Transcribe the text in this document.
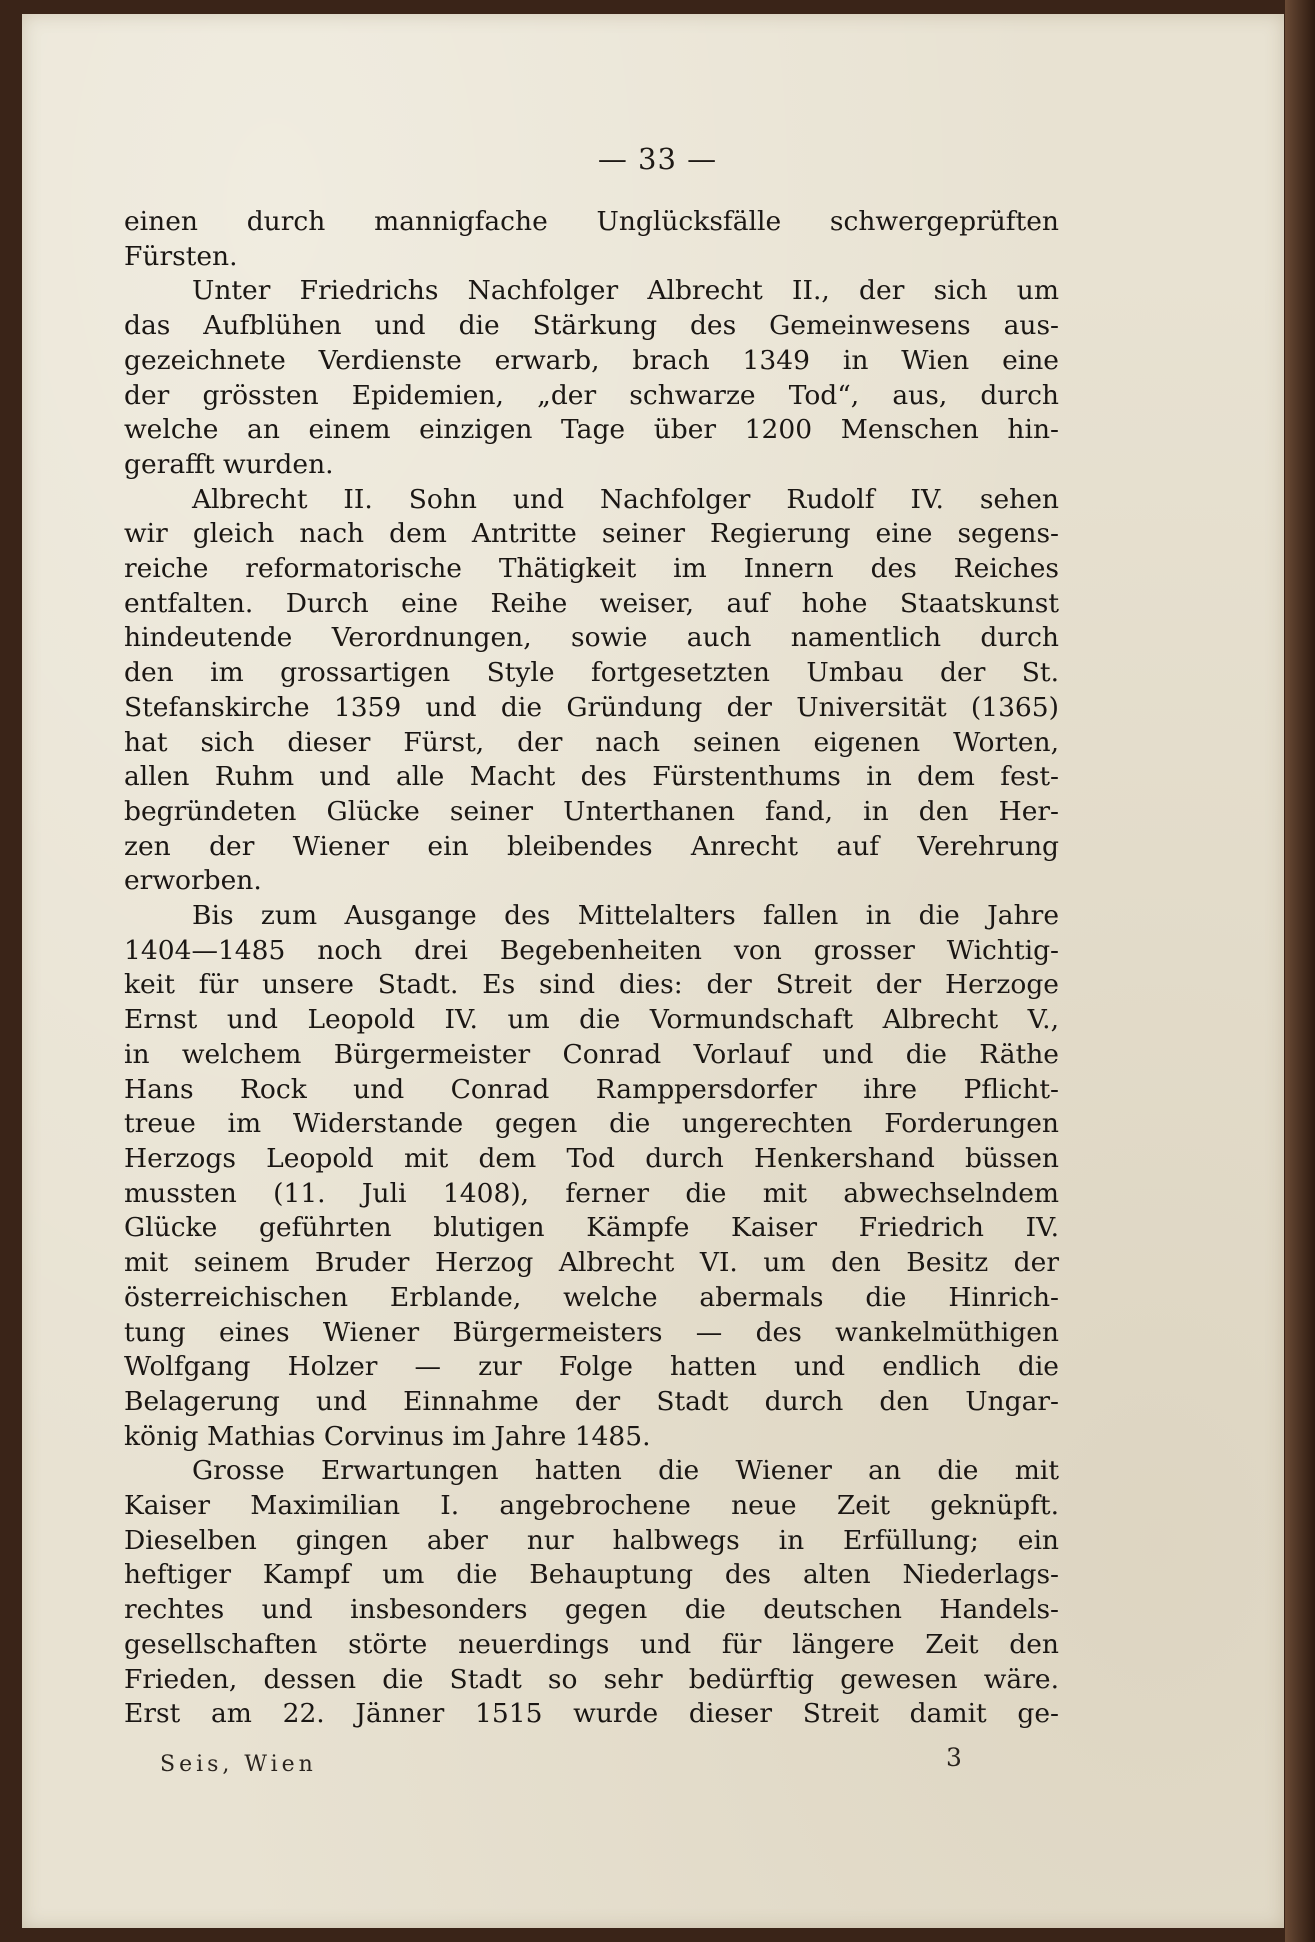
— 33 —
einen durch mannigfache Unglücksfälle schwergeprüften
Fürsten.
Unter Friedrichs Nachfolger Albrecht II., der sich um
das Aufblühen und die Stärkung des Gemeinwesens aus-
gezeichnete Verdienste erwarb, brach 1349 in Wien eine
der grössten Epidemien, „der schwarze Tod“, aus, durch
welche an einem einzigen Tage über 1200 Menschen hin-
gerafft wurden.
Albrecht II. Sohn und Nachfolger Rudolf IV. sehen
wir gleich nach dem Antritte seiner Regierung eine segens-
reiche reformatorische Thätigkeit im Innern des Reiches
entfalten. Durch eine Reihe weiser, auf hohe Staatskunst
hindeutende Verordnungen, sowie auch namentlich durch
den im grossartigen Style fortgesetzten Umbau der St.
Stefanskirche 1359 und die Gründung der Universität (1365)
hat sich dieser Fürst, der nach seinen eigenen Worten,
allen Ruhm und alle Macht des Fürstenthums in dem fest-
begründeten Glücke seiner Unterthanen fand, in den Her-
zen der Wiener ein bleibendes Anrecht auf Verehrung
erworben.
Bis zum Ausgange des Mittelalters fallen in die Jahre
1404—1485 noch drei Begebenheiten von grosser Wichtig-
keit für unsere Stadt. Es sind dies: der Streit der Herzoge
Ernst und Leopold IV. um die Vormundschaft Albrecht V.,
in welchem Bürgermeister Conrad Vorlauf und die Räthe
Hans Rock und Conrad Ramppersdorfer ihre Pflicht-
treue im Widerstande gegen die ungerechten Forderungen
Herzogs Leopold mit dem Tod durch Henkershand büssen
mussten (11. Juli 1408), ferner die mit abwechselndem
Glücke geführten blutigen Kämpfe Kaiser Friedrich IV.
mit seinem Bruder Herzog Albrecht VI. um den Besitz der
österreichischen Erblande, welche abermals die Hinrich-
tung eines Wiener Bürgermeisters — des wankelmüthigen
Wolfgang Holzer — zur Folge hatten und endlich die
Belagerung und Einnahme der Stadt durch den Ungar-
könig Mathias Corvinus im Jahre 1485.
Grosse Erwartungen hatten die Wiener an die mit
Kaiser Maximilian I. angebrochene neue Zeit geknüpft.
Dieselben gingen aber nur halbwegs in Erfüllung; ein
heftiger Kampf um die Behauptung des alten Niederlags-
rechtes und insbesonders gegen die deutschen Handels-
gesellschaften störte neuerdings und für längere Zeit den
Frieden, dessen die Stadt so sehr bedürftig gewesen wäre.
Erst am 22. Jänner 1515 wurde dieser Streit damit ge-
Seis, Wien	3
